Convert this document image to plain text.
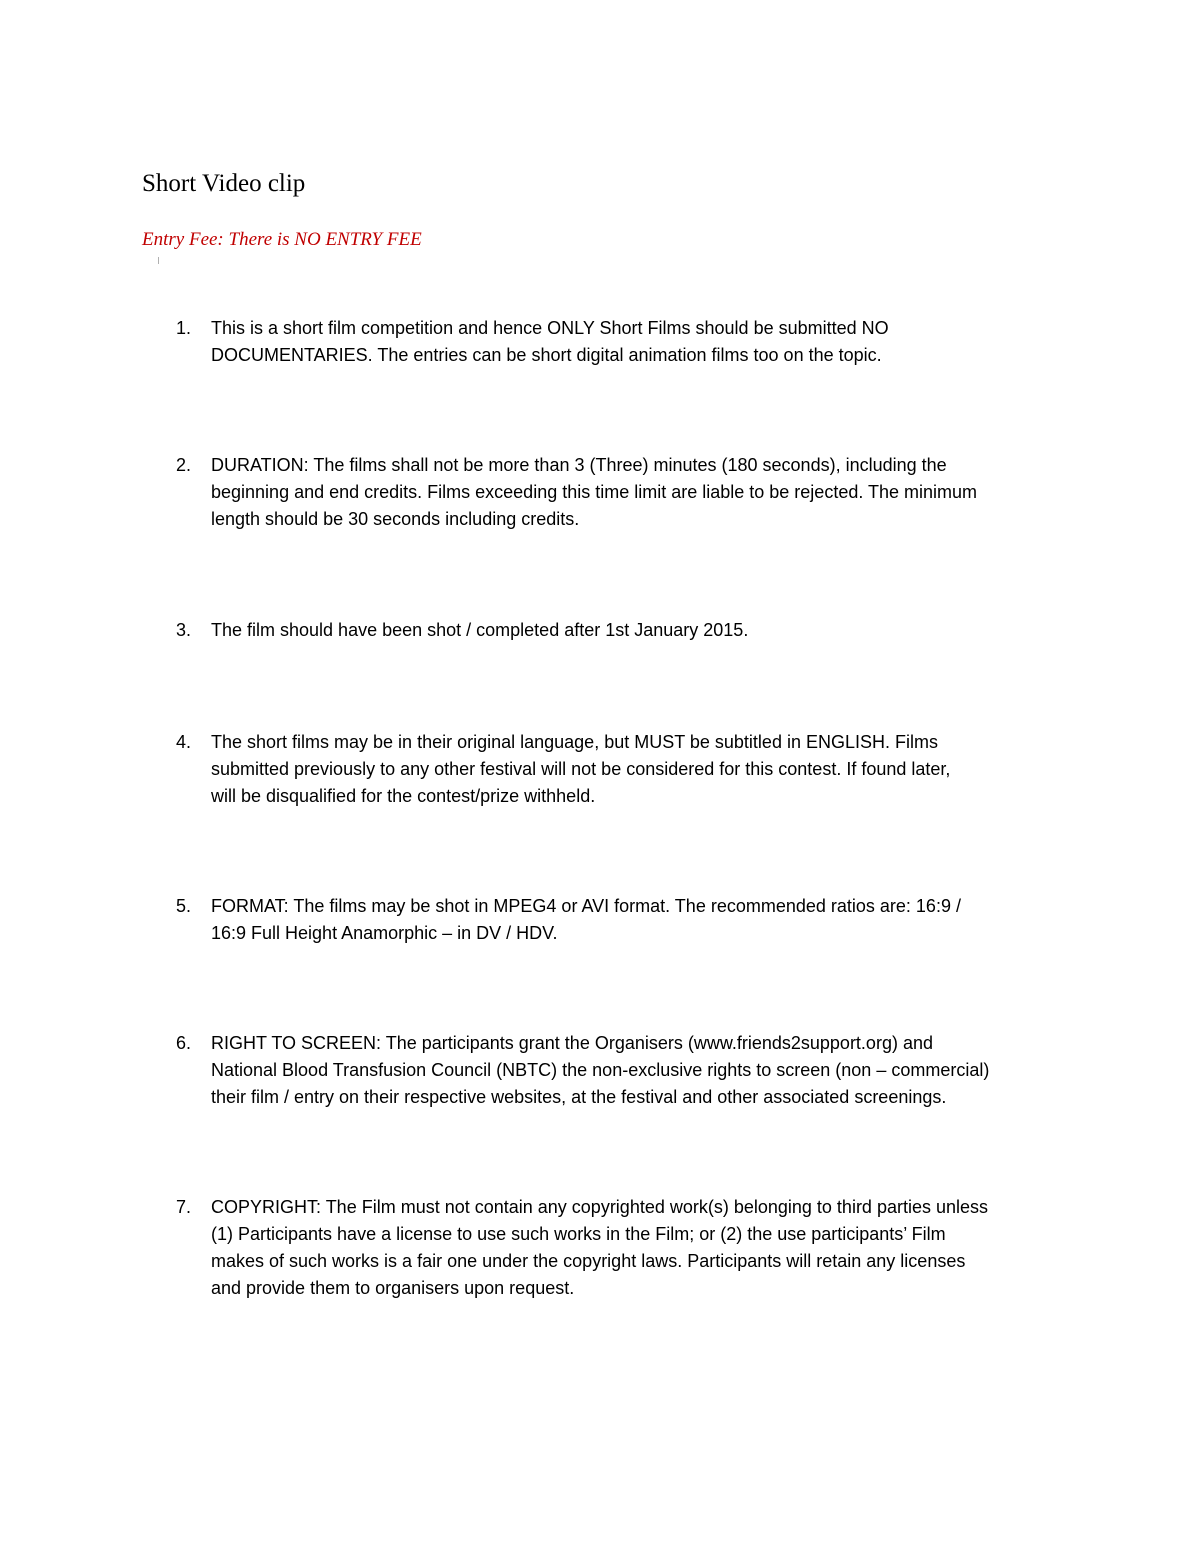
Short Video clip
Entry Fee: There is NO ENTRY FEE
1.	This is a short film competition and hence ONLY Short Films should be submitted NO
DOCUMENTARIES. The entries can be short digital animation films too on the topic.
2.	DURATION: The films shall not be more than 3 (Three) minutes (180 seconds), including the
beginning and end credits. Films exceeding this time limit are liable to be rejected. The minimum
length should be 30 seconds including credits.
3.	The film should have been shot / completed after 1st January 2015.
4.	The short films may be in their original language, but MUST be subtitled in ENGLISH. Films
submitted previously to any other festival will not be considered for this contest. If found later,
will be disqualified for the contest/prize withheld.
5.	FORMAT: The films may be shot in MPEG4 or AVI format. The recommended ratios are: 16:9 /
16:9 Full Height Anamorphic – in DV / HDV.
6.	RIGHT TO SCREEN: The participants grant the Organisers (www.friends2support.org) and
National Blood Transfusion Council (NBTC) the non-exclusive rights to screen (non – commercial)
their film / entry on their respective websites, at the festival and other associated screenings.
7.	COPYRIGHT: The Film must not contain any copyrighted work(s) belonging to third parties unless
(1) Participants have a license to use such works in the Film; or (2) the use participants’ Film
makes of such works is a fair one under the copyright laws. Participants will retain any licenses
and provide them to organisers upon request.
